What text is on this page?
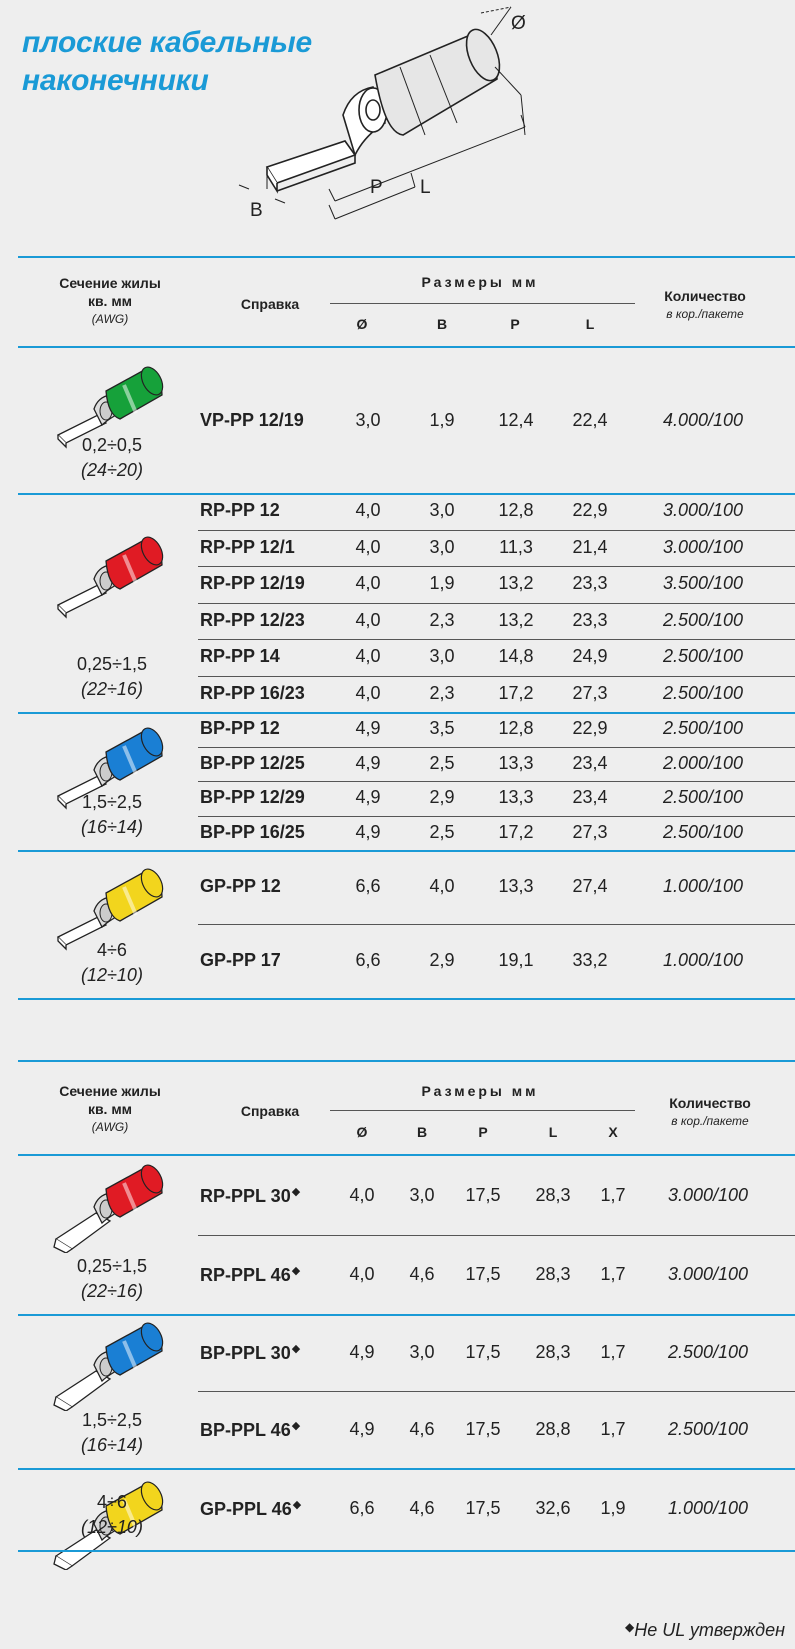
плоские кабельные
наконечники
Ø
B
P L
Сечение жилы
кв. мм
(AWG)
Справка
Размеры мм
Ø	B	P	L
Количество
в кор./пакете
0,2÷0,5
(24÷20)
VP-PP 12/19	3,0	1,9	12,4	22,4	4.000/100
0,25÷1,5
(22÷16)
RP-PP 12	4,0	3,0	12,8	22,9	3.000/100
RP-PP 12/1	4,0	3,0	11,3	21,4	3.000/100
RP-PP 12/19	4,0	1,9	13,2	23,3	3.500/100
RP-PP 12/23	4,0	2,3	13,2	23,3	2.500/100
RP-PP 14	4,0	3,0	14,8	24,9	2.500/100
RP-PP 16/23	4,0	2,3	17,2	27,3	2.500/100
1,5÷2,5
(16÷14)
BP-PP 12	4,9	3,5	12,8	22,9	2.500/100
BP-PP 12/25	4,9	2,5	13,3	23,4	2.000/100
BP-PP 12/29	4,9	2,9	13,3	23,4	2.500/100
BP-PP 16/25	4,9	2,5	17,2	27,3	2.500/100
4÷6
(12÷10)
GP-PP 12	6,6	4,0	13,3	27,4	1.000/100
GP-PP 17	6,6	2,9	19,1	33,2	1.000/100
Сечение жилы
кв. мм
(AWG)
Справка
Размеры мм
Ø	B	P	L	X
Количество
в кор./пакете
0,25÷1,5
(22÷16)
RP-PPL 30◆	4,0	3,0	17,5	28,3	1,7	3.000/100
RP-PPL 46◆	4,0	4,6	17,5	28,3	1,7	3.000/100
1,5÷2,5
(16÷14)
BP-PPL 30◆	4,9	3,0	17,5	28,3	1,7	2.500/100
BP-PPL 46◆	4,9	4,6	17,5	28,8	1,7	2.500/100
4÷6
(12÷10)
GP-PPL 46◆	6,6	4,6	17,5	32,6	1,9	1.000/100
◆Не UL утвержден
